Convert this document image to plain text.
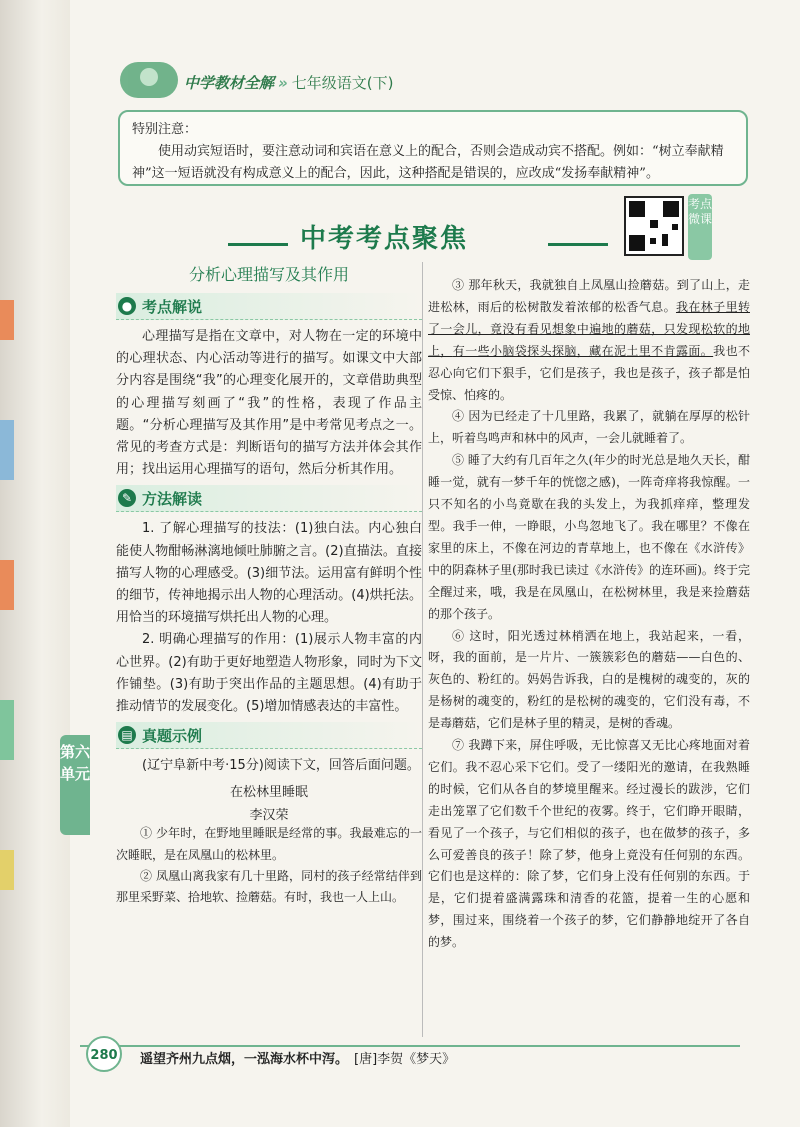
中学教材全解 » 七年级语文(下)
特别注意：
使用动宾短语时，要注意动词和宾语在意义上的配合，否则会造成动宾不搭配。例如：“树立奉献精神”这一短语就没有构成意义上的配合，因此，这种搭配是错误的，应改成“发扬奉献精神”。
中考考点聚焦
考点微课
分析心理描写及其作用
● 考点解说

心理描写是指在文章中，对人物在一定的环境中的心理状态、内心活动等进行的描写。如课文中大部分内容是围绕“我”的心理变化展开的，文章借助典型的心理描写刻画了“我”的性格，表现了作品主题。“分析心理描写及其作用”是中考常见考点之一。常见的考查方式是：判断语句的描写方法并体会其作用；找出运用心理描写的语句，然后分析其作用。

✎ 方法解读

1. 了解心理描写的技法：(1)独白法。内心独白能使人物酣畅淋漓地倾吐肺腑之言。(2)直描法。直接描写人物的心理感受。(3)细节法。运用富有鲜明个性的细节，传神地揭示出人物的心理活动。(4)烘托法。用恰当的环境描写烘托出人物的心理。

2. 明确心理描写的作用：(1)展示人物丰富的内心世界。(2)有助于更好地塑造人物形象，同时为下文作铺垫。(3)有助于突出作品的主题思想。(4)有助于推动情节的发展变化。(5)增加情感表达的丰富性。

▤ 真题示例

(辽宁阜新中考·15分)阅读下文，回答后面问题。

在松林里睡眠

李汉荣

① 少年时，在野地里睡眠是经常的事。我最难忘的一次睡眠，是在凤凰山的松林里。

② 凤凰山离我家有几十里路，同村的孩子经常结伴到那里采野菜、拾地软、捡蘑菇。有时，我也一人上山。

③ 那年秋天，我就独自上凤凰山捡蘑菇。到了山上，走进松林，雨后的松树散发着浓郁的松香气息。我在林子里转了一会儿，竟没有看见想象中遍地的蘑菇，只发现松软的地上，有一些小脑袋探头探脑，藏在泥土里不肯露面。我也不忍心向它们下狠手，它们是孩子，我也是孩子，孩子都是怕受惊、怕疼的。

④ 因为已经走了十几里路，我累了，就躺在厚厚的松针上，听着鸟鸣声和林中的风声，一会儿就睡着了。

⑤ 睡了大约有几百年之久(年少的时光总是地久天长，酣睡一觉，就有一梦千年的恍惚之感)，一阵奇痒将我惊醒。一只不知名的小鸟竟歇在我的头发上，为我抓痒痒，整理发型。我手一伸，一睁眼，小鸟忽地飞了。我在哪里？不像在家里的床上，不像在河边的青草地上，也不像在《水浒传》中的阴森林子里(那时我已读过《水浒传》的连环画)。终于完全醒过来，哦，我是在凤凰山，在松树林里，我是来捡蘑菇的那个孩子。

⑥ 这时，阳光透过林梢洒在地上，我站起来，一看，呀，我的面前，是一片片、一簇簇彩色的蘑菇——白色的、灰色的、粉红的。妈妈告诉我，白的是槐树的魂变的，灰的是杨树的魂变的，粉红的是松树的魂变的，它们没有毒，不是毒蘑菇，它们是林子里的精灵，是树的香魂。

⑦ 我蹲下来，屏住呼吸，无比惊喜又无比心疼地面对着它们。我不忍心采下它们。受了一缕阳光的邀请，在我熟睡的时候，它们从各自的梦境里醒来。经过漫长的跋涉，它们走出笼罩了它们数千个世纪的夜雾。终于，它们睁开眼睛，看见了一个孩子，与它们相似的孩子，也在做梦的孩子，多么可爱善良的孩子！除了梦，他身上竟没有任何别的东西。它们也是这样的：除了梦，它们身上没有任何别的东西。于是，它们提着盛满露珠和清香的花篮，提着一生的心愿和梦，围过来，围绕着一个孩子的梦，它们静静地绽开了各自的梦。

第六单元
280	遥望齐州九点烟，一泓海水杯中泻。 [唐]李贺《梦天》
